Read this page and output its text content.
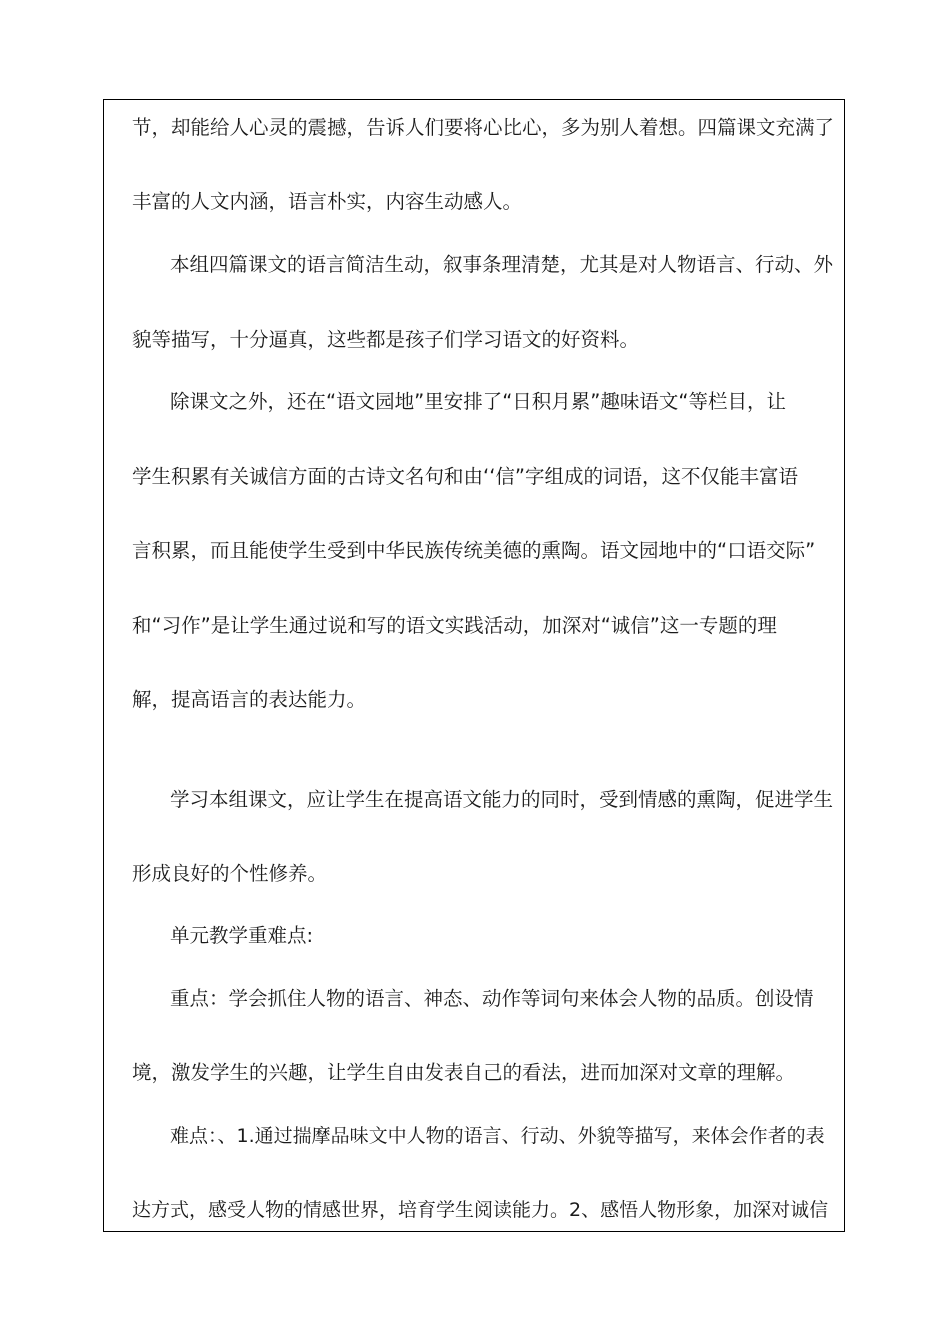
节，却能给人心灵的震撼，告诉人们要将心比心，多为别人着想。四篇课文充满了
丰富的人文内涵，语言朴实，内容生动感人。
本组四篇课文的语言简洁生动，叙事条理清楚，尤其是对人物语言、行动、外
貌等描写，十分逼真，这些都是孩子们学习语文的好资料。
除课文之外，还在“语文园地”里安排了“日积月累”趣味语文“等栏目，让
学生积累有关诚信方面的古诗文名句和由‘‘信”字组成的词语，这不仅能丰富语
言积累，而且能使学生受到中华民族传统美德的熏陶。语文园地中的“口语交际”
和“习作”是让学生通过说和写的语文实践活动，加深对“诚信”这一专题的理
解，提高语言的表达能力。
学习本组课文，应让学生在提高语文能力的同时，受到情感的熏陶，促进学生
形成良好的个性修养。
单元教学重难点:
重点：学会抓住人物的语言、神态、动作等词句来体会人物的品质。创设情
境，激发学生的兴趣，让学生自由发表自己的看法，进而加深对文章的理解。
难点：、1.通过揣摩品味文中人物的语言、行动、外貌等描写，来体会作者的表
达方式，感受人物的情感世界，培育学生阅读能力。2、感悟人物形象，加深对诚信
